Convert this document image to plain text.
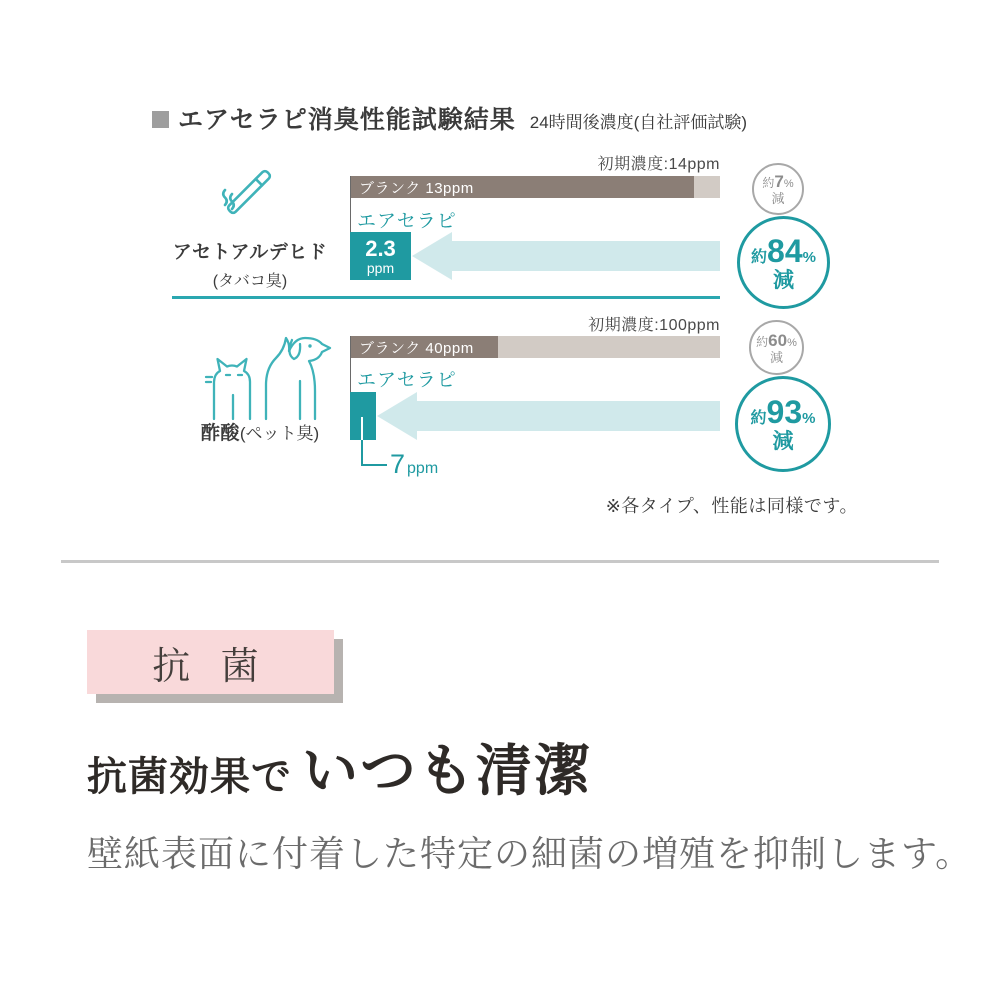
エアセラピ消臭性能試験結果 24時間後濃度(自社評価試験)
アセトアルデヒド
(タバコ臭)
初期濃度:14ppm
ブランク 13ppm
エアセラピ
2.3
ppm
約 7 %
減
約 84 %
減
酢酸(ペット臭)
初期濃度:100ppm
ブランク 40ppm
エアセラピ
7 ppm
約 60 %
減
約 93 %
減
※各タイプ、性能は同様です。
抗 菌
抗菌効果で いつも清潔
壁紙表面に付着した特定の細菌の増殖を抑制します。
